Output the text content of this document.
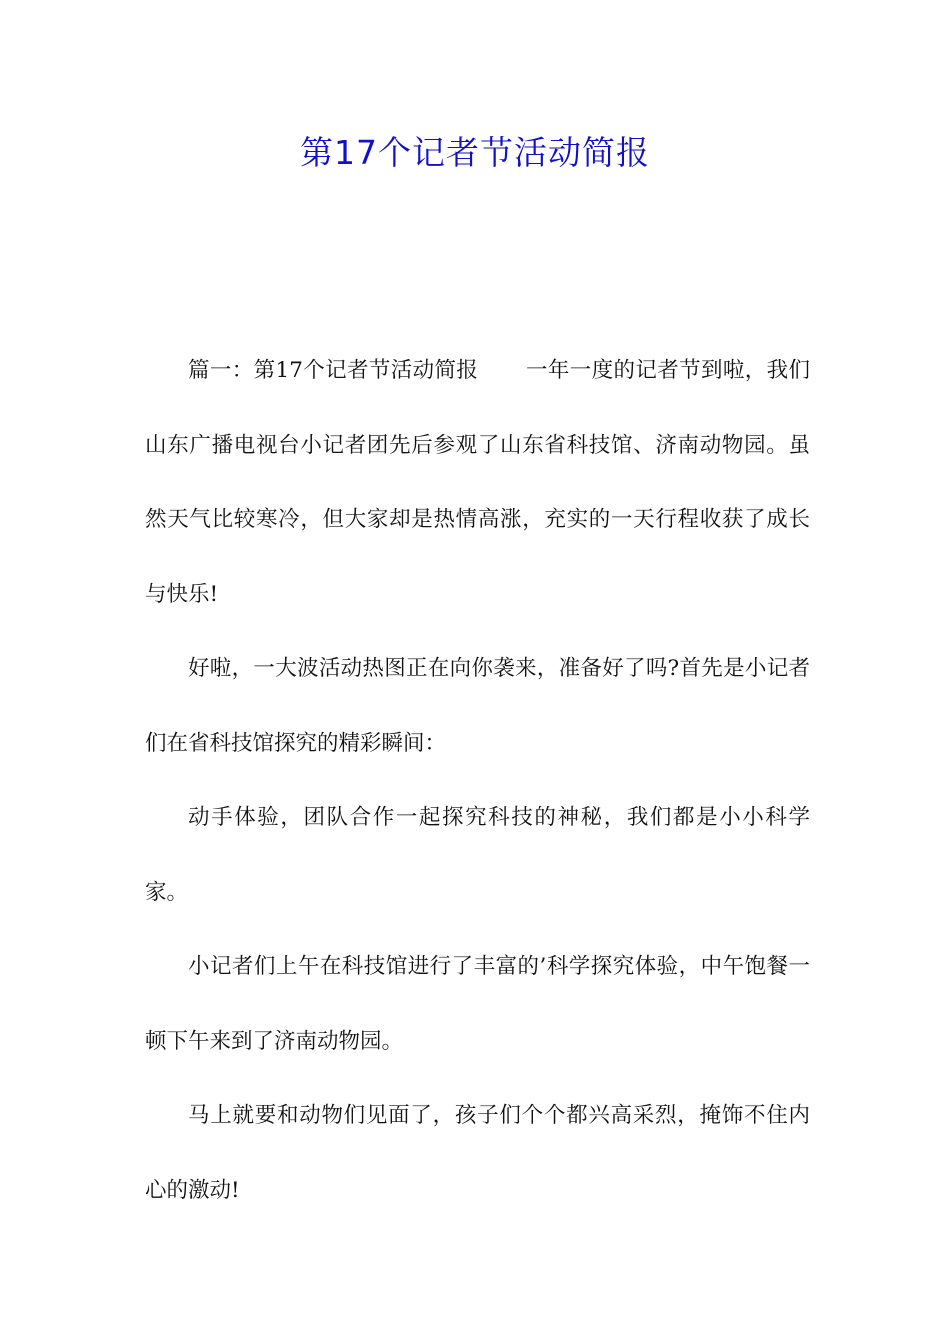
第17个记者节活动简报

篇一：第17个记者节活动简报 一年一度的记者节到啦，我们山东广播电视台小记者团先后参观了山东省科技馆、济南动物园。虽然天气比较寒冷，但大家却是热情高涨，充实的一天行程收获了成长与快乐!

好啦，一大波活动热图正在向你袭来，准备好了吗?首先是小记者们在省科技馆探究的精彩瞬间：

动手体验，团队合作一起探究科技的神秘，我们都是小小科学家。

小记者们上午在科技馆进行了丰富的’科学探究体验，中午饱餐一顿下午来到了济南动物园。

马上就要和动物们见面了，孩子们个个都兴高采烈，掩饰不住内心的激动!
